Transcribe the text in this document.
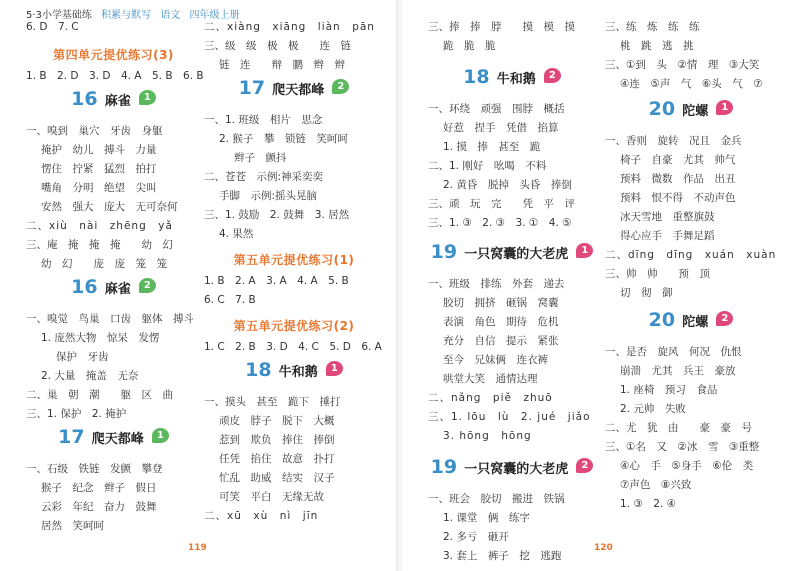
5·3小学基础练 积累与默写 语文 四年级上册
6. D　7. C
第四单元提优练习(3)
1. B　2. D　3. D　4. A　5. B　6. B
16 麻雀 1
一、嗅到　巢穴　牙齿　身躯
掩护　幼儿　搏斗　力量
愣住　拧紧　猛烈　拍打
嘴角　分明　绝望　尖叫
安然　强大　庞大　无可奈何
二、xiù　nài　zhēng　yǎ
三、庵　掩　掩　掩　　幼　幻
幼　幻　　庞　庞　笼　笼
16 麻雀 2
一、嗅觉　鸟巢　口齿　躯体　搏斗
1. 庞然大物　惊呆　发愣
保护　牙齿
2. 大量　掩盖　无奈
二、巢　朝　潮　　躯　区　曲
三、1. 保护　2. 掩护
17 爬天都峰 1
一、石级　铁链　发颤　攀登
猴子　纪念　辫子　假日
云彩　年纪　奋力　鼓舞
居然　笑呵呵
二、xiàng　xiāng　liàn　pān
三、级　级　极　极　　连　链
链　连　　辩　鹏　辫　辫
17 爬天都峰 2
一、1. 班级　相片　思念
2. 猴子　攀　锁链　笑呵呵
辫子　颤抖
二、苍苍　示例:神采奕奕
手脚　示例:摇头晃脑
三、1. 鼓励　2. 鼓舞　3. 居然
4. 果然
第五单元提优练习(1)
1. B　2. A　3. A　4. A　5. B
6. C　7. B
第五单元提优练习(2)
1. C　2. B　3. D　4. C　5. D　6. A
18 牛和鹅 1
一、摸头　甚至　跪下　捶打
顽皮　脖子　脱下　大概
惹到　欺负　捧住　捧倒
任凭　掐住　故意　扑打
忙乱　助威　结实　汉子
可笑　平白　无缘无故
二、xū　xù　nì　jīn
119
三、捧　捧　脖　　摸　模　摸
跪　脆　脆
18 牛和鹅 2
一、环绕　顽强　围脖　概括
好惹　捏手　凭借　掐算
1. 摸　捧　甚至　跪
二、1. 刚好　吆喝　不料
2. 黄昏　脱掉　头昏　捧倒
三、顽　玩　完　　凭　平　评
三、1. ③　2. ③　3. ①　4. ⑤
19 一只窝囊的大老虎 1
一、班级　排练　外套　递去
胶切　拥挤　砸锅　窝囊
表演　角色　期待　危机
充分　自信　提示　紧张
至今　兄妹俩　连衣裤
哄堂大笑　通情达理
二、nǎng　piě　zhuō
三、1. lōu　lù　2. jué　jiǎo
3. hōng　hōng
19 一只窝囊的大老虎 2
一、班会　胶切　搬进　铁锅
1. 课堂　俩　练字
2. 多亏　砸开
3. 套上　裤子　挖　逃跑
三、练　炼　练　练
桃　跳　逃　挑
三、①到　头　②情　理　③大笑
④连　⑤声　气　⑥头　气　⑦
20 陀螺 1
一、香则　旋转　况且　金兵
椅子　自豪　尤其　帅气
预料　微数　作品　出丑
预料　恨不得　不动声色
冰天雪地　重整旗鼓
得心应手　手舞足蹈
二、dīng　dīng　xuán　xuàn
三、帅　帅　　预　顶
切　彻　御
20 陀螺 2
一、是否　旋风　何况　仇恨
崩溃　尤其　兵王　豪放
1. 座椅　预习　食品
2. 元帅　失败
二、尤　犹　由　　豪　豪　号
三、①名　又　②冰　雪　③重整
④心　手　⑤身手　⑥伦　类
⑦声色　⑧兴致
1. ③　2. ④
120
